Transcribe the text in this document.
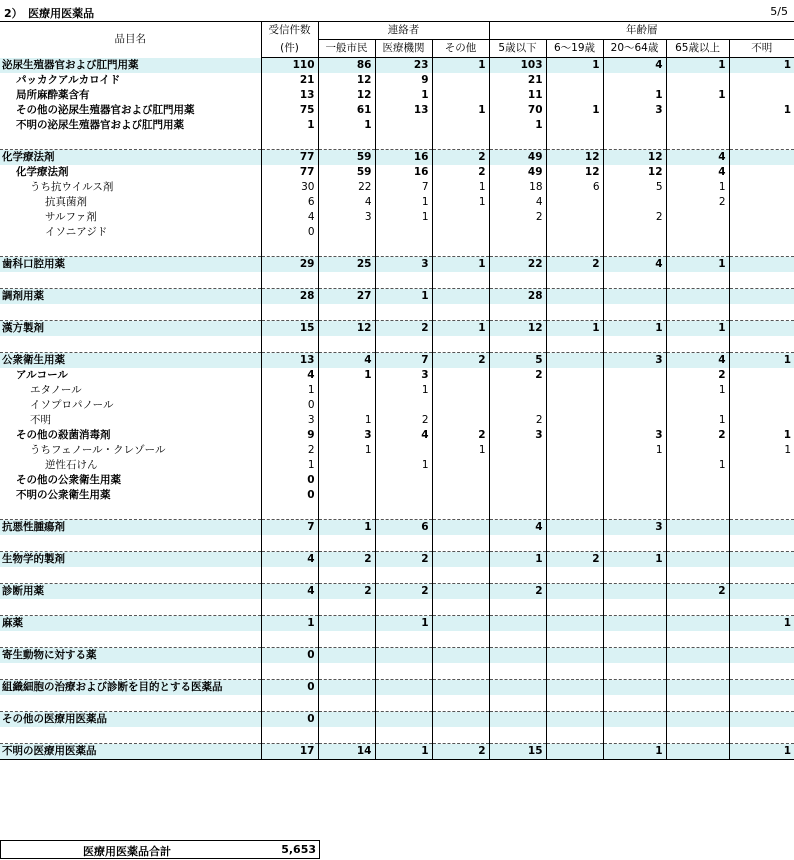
2）　医療用医薬品	5/5
品目名	受信件数	連絡者			年齢層				
	(件)	一般市民	医療機関	その他	5歳以下	6～19歳	20～64歳	65歳以上	不明
泌尿生殖器官および肛門用薬	110	86	23	1	103	1	4	1	1
パッカクアルカロイド	21	12	9		21				
局所麻酔薬含有	13	12	1		11		1	1	
その他の泌尿生殖器官および肛門用薬	75	61	13	1	70	1	3		1
不明の泌尿生殖器官および肛門用薬	1	1			1				

化学療法剤	77	59	16	2	49	12	12	4	
化学療法剤	77	59	16	2	49	12	12	4	
うち抗ウイルス剤	30	22	7	1	18	6	5	1	
抗真菌剤	6	4	1	1	4			2	
サルファ剤	4	3	1		2		2		
イソニアジド	0								

歯科口腔用薬	29	25	3	1	22	2	4	1	

調剤用薬	28	27	1		28				

漢方製剤	15	12	2	1	12	1	1	1	

公衆衛生用薬	13	4	7	2	5		3	4	1
アルコール	4	1	3		2			2	
エタノール	1		1					1	
イソプロパノール	0								
不明	3	1	2		2			1	
その他の殺菌消毒剤	9	3	4	2	3		3	2	1
うちフェノール・クレゾール	2	1		1			1		1
逆性石けん	1		1					1	
その他の公衆衛生用薬	0								
不明の公衆衛生用薬	0								

抗悪性腫瘍剤	7	1	6		4		3		

生物学的製剤	4	2	2		1	2	1		

診断用薬	4	2	2		2			2	

麻薬	1		1						1

寄生動物に対する薬	0								

組織細胞の治療および診断を目的とする医薬品	0								

その他の医療用医薬品	0								

不明の医療用医薬品	17	14	1	2	15		1		1
医療用医薬品合計	5,653
